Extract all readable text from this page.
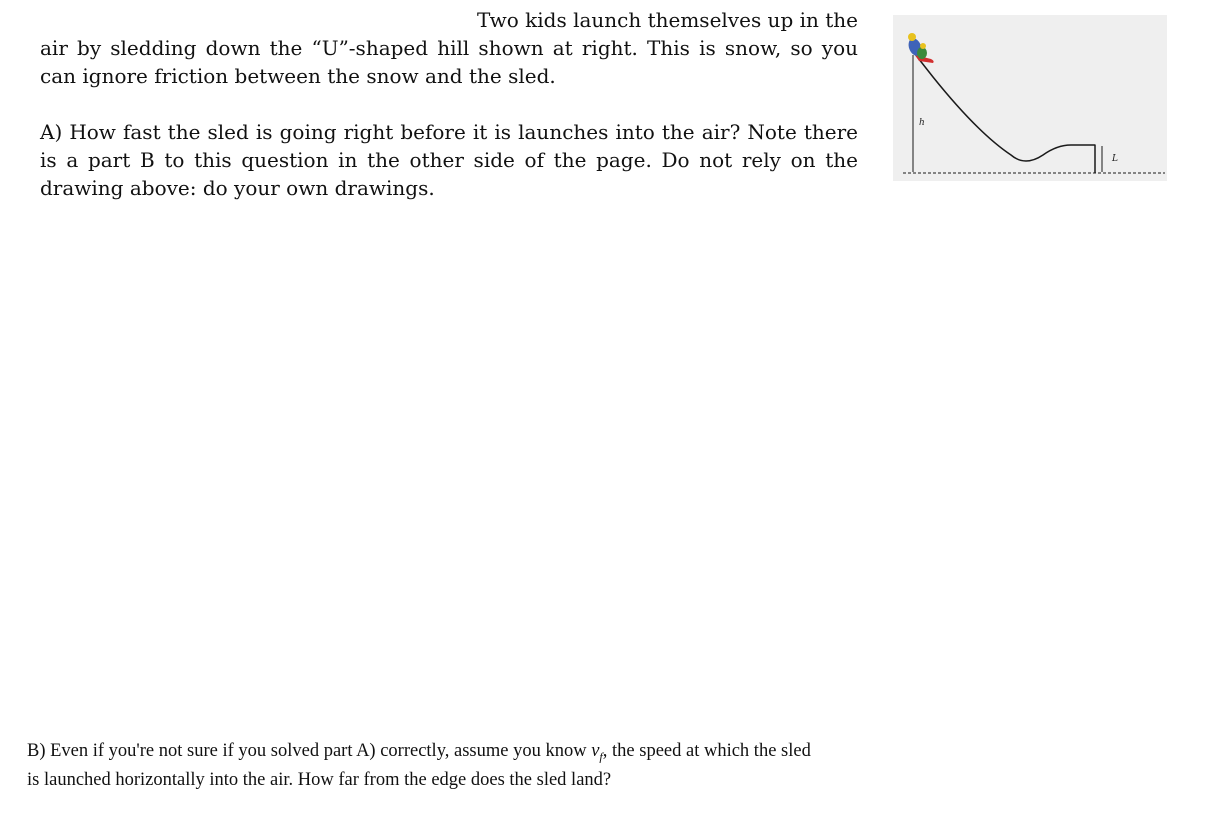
Two kids launch themselves up in the
air by sledding down the “U”-shaped hill shown at right. This is snow, so you
can ignore friction between the snow and the sled.
A) How fast the sled is going right before it is launches into the air? Note there
is a part B to this question in the other side of the page. Do not rely on the
drawing above: do your own drawings.
h
L
B) Even if you're not sure if you solved part A) correctly, assume you know $v_f$, the speed at which the sled
is launched horizontally into the air. How far from the edge does the sled land?
